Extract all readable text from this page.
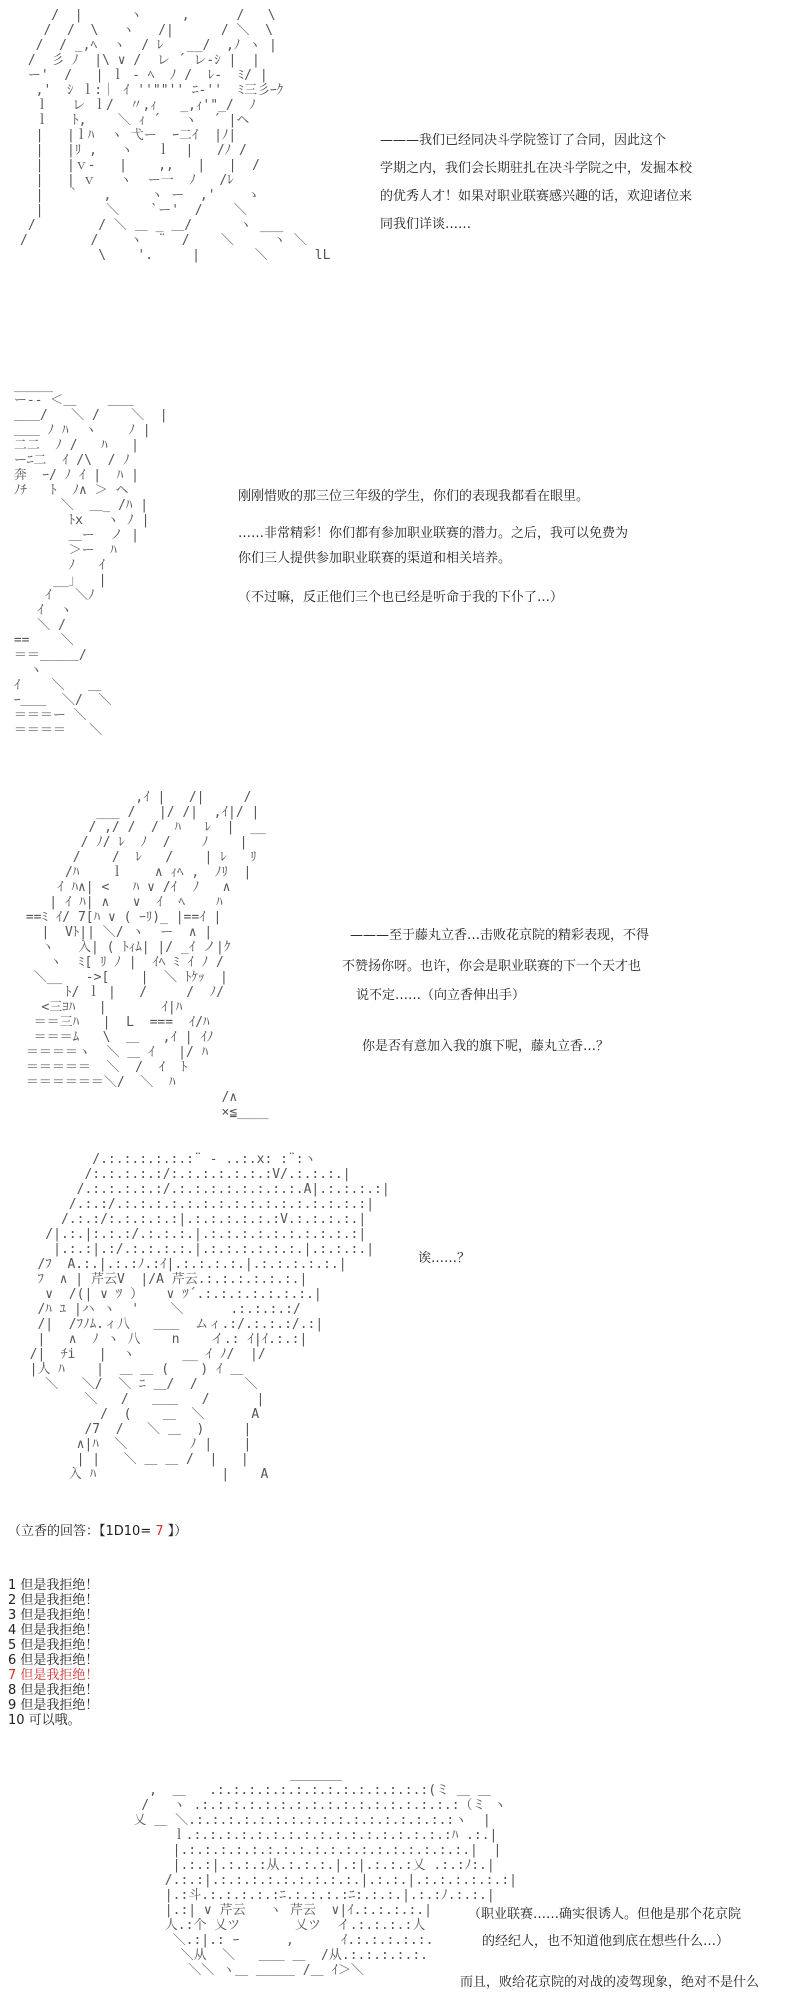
/  |      ヽ     ,      /   \
/  /  \   ヽ   /|      / ＼  \
/  / _,ﾍ  ヽ  / ﾚ   __/  ,ﾉ ヽ |
/  彡 ﾉ  |\ ∨ /  レ ´ レ-ｼ |  |
ー'  /   | ｌ ‐ ﾍ  ﾉ /  ﾚ‐  ﾐ/ |
,'  ｼ ｌ:｜ ｲ ''""'' ﾆ-''  ﾐ三彡ｰｸ
ｌ   レ ｌ/  〃,ｨ   _,ｨ'"_/  ﾉ
ｌ   ﾄ,    ＼ ｨ ´   ヽ  ´ |ヘ
|   |ｌﾊ  ヽ 弋ー  ｰ二ｲ  |ﾉ|
|   |ﾘ ,   ヽ   ｌ  |   /ﾉ /
|   |ｖ-   |    ,,   |   |  /
|   | ｖ   ヽ  ー一  ﾉ   /ﾚ
|   ｀   ,     ヽ ー  ,'    ゝ
|        ＼    `ー'  /    ＼
/        / ＼ ＿ _ ＿/      ヽ ___
/        /    ヽ  ¨  /    ＼     ヽ ＼
\    '.     |       ＼      lL

———我们已经同决斗学院签订了合同，因此这个

学期之内，我们会长期驻扎在决斗学院之中，发掘本校

的优秀人才！如果对职业联赛感兴趣的话，欢迎诸位来

同我们详谈……

_____
ー‐‐ ＜＿    ＿＿
＿＿/   ＼ /    ＼  |
＿＿ ﾉ ﾊ  ヽ    ﾉ |
二二  ﾉ /   ﾊ   |
ーﾆ二  ｲ /\  / ﾉ
奔  ｰ/ ﾉ ｲ |  ﾊ |
ﾉﾁ   ﾄ  ﾉ∧ ＞ ヘ
＼  ＿_ /ﾊ |
ﾄx   ヽ ﾉ |
＿ー  ノ |
＞ー  ﾊ
ﾉ   ｲ
__｣   |
ｲ   ＼ﾉ
ｲ  ヽ
＼ /
==    ＼
＝＝＿＿＿/
ヽ
ｲ    ＼   ＿
ｰ＿＿  ＼/  ＼
＝＝＝ー ＼
＝＝＝＝   ＼

刚刚惜败的那三位三年级的学生，你们的表现我都看在眼里。

……非常精彩！你们都有参加职业联赛的潜力。之后，我可以免费为

你们三人提供参加职业联赛的渠道和相关培养。

（不过嘛，反正他们三个也已经是听命于我的下仆了…）

,ｲ |   /|     /
___ /   |/ /|  ,ｲ|/ |
/ ,/ /  /  ﾊ   ﾚ  |  __
/ ﾉ/ ﾚ  ﾉ  /    ﾉ    |
/    /  ﾚ   /    | ﾚ   ﾘ
/ﾊ    ｌ    ∧ ｨﾍ ,  ﾉﾘ  |
ｲ ﾊ∧| <   ﾊ ∨ /ｲ  ﾉ   ∧
| ｲ ﾊ| ∧   ∨  ｲ  ﾍ    ﾊ
==ﾐ ｲ/ 7[ﾊ ∨ ( ｰﾘ)_ |==ｲ |
|  Vﾄ|| ＼/ ヽ  ー  ∧ |
ヽ   入| ( ﾄｨﾑ| |/ _ｲ ノ|ｸ
ヽ  ﾐ[ ﾘ ﾉ |  ｲﾍ ﾐ ｲ ﾉ /
＼__   ->[    |  ＼ ﾄｹｯ  |
ﾄ/ ｌ |   /     /  ﾉ/
<三ﾖﾊ   |       ｲ|ﾊ
＝＝三ﾊ   |  L  ===  ｲ/ﾊ
＝＝＝ﾑ   \  ＿   ,ｲ | ｲﾉ
＝＝＝＝ヽ  ＼ ＿ ｲ   |/ ﾊ
＝＝＝＝＝  ＼  /  ｲ  ﾄ
＝＝＝＝＝＝＼/  ＼  ﾊ
/∧
×≦____

———至于藤丸立香…击败花京院的精彩表现，不得

不赞扬你呀。也许，你会是职业联赛的下一个天才也

说不定……（向立香伸出手）

你是否有意加入我的旗下呢，藤丸立香…？

/.:.:.:.:.:.:¨ ‐ ..:.x: :¨:ヽ
/:.:.:.:.:/:.:.:.:.:.:.:V/.:.:.:.|
/.:.:.:.:.:/.:.:.:.:.:.:.:.:.A|.:.:.:.:|
/.:.:/.:.:.:.:.:.:.:.:.:.:.:.:.:.:.:.:|
/.:.:/:.:.:.:.:|.:.:.:.:.:.:V.:.:.:.:.|
/|.:.|:.:.:/.:.:.:.|.:.:.:.:.:.:.:.:.:.:|
|.:.:|.:/.:.:.:.:.|.:.:.:.:.:.:.|.:.:.:.|
/ﾌ  A.:.|.:.:ﾉ.:ｲ|.:.:.:.:.|.:.:.:.:.:.|
ﾌ  ∧ | 芹云V  |/A 芹云.:.:.:.:.:.:.|
∨  /(| ∨ ﾂ ）   ∨ ﾂ´.:.:.:.:.:.:.:.|
/ﾊ ﾕ |ハ ヽ  '    ＼      .:.:.:.:/
/|  /ﾌﾉﾑ.ィ八   ＿＿  ムィ.:/.:.:.:/.:|
|   ∧  ﾉ ヽ 八    n    イ.: ｲ|ｲ.:.:|
/|  ﾁi   |  ヽ      __ ｲ ﾉ/  |/
|人 ﾊ    |  ＿ ＿ (    ) ｲ ＿
＼   ＼/  ＼ ﾆ ＿/  /      ＼
＼   /   ＿＿   /      |
/  (    ＿  ＼      A
/7  /   ＼ ＿  )     |
∧|ﾊ  ＼        ﾉ |    |
| |   ＼ ＿ ＿ /  |   |
入 ﾊ                |    A

诶……？

（立香的回答：【1D10= 7 】）
1 但是我拒绝！
2 但是我拒绝！
3 但是我拒绝！
4 但是我拒绝！
5 但是我拒绝！
6 但是我拒绝！
7 但是我拒绝！
8 但是我拒绝！
9 但是我拒绝！
10 可以哦。
＿＿＿＿
,  ＿   .:.:.:.:.:.:.:.:.:.:.:.:.:.:(ミ ＿ ＿
/   ヽ .:.:.:.:.:.:.:.:.:.:.:.:.:.:.:.:.:（ミ ヽ
乂 ＿ ＼.:.:.:.:.:.:.:.:.:.:.:.:.:.:.:.:.:ヽ  |
ｌ.:.:.:.:.:.:.:.:.:.:.:.:.:.:.:.:.:ﾊ .:.|
|.:.:.:.:.:.:.:.:.:.:.:.:.:.:.:.:.:.:.|  |
|.:.:|.:.:.:从.:.:.:.|.:|.:.:.:乂 .:.:ﾉ:.|
/.:.:|.:.:.:.:.:.:.:.:.:.|.:.:.|.:.:.:.:.:.:|
|.:斗.:.:.:.:.:ﾆ.:.:.:.:ﾆ:.:.:.|.:.:ﾉ.:.:.|
|.:| ∨ 芹云   ヽ 芹云  ∨|ｲ.:.:.:.:.|
人.:个 乂ツ       乂ツ  イ.:.:.:.:人
＼.:|.: ｰ      ,      ｲ.:.:.:.:.:.
＼从  ＼   ＿＿ ＿  /从.:.:.:.:.:.
＼＼ ヽ＿ ＿＿＿ /＿ ｲ＞＼

（职业联赛……确实很诱人。但他是那个花京院

的经纪人，也不知道他到底在想些什么…）

而且，败给花京院的对战的凌驾现象，绝对不是什么
